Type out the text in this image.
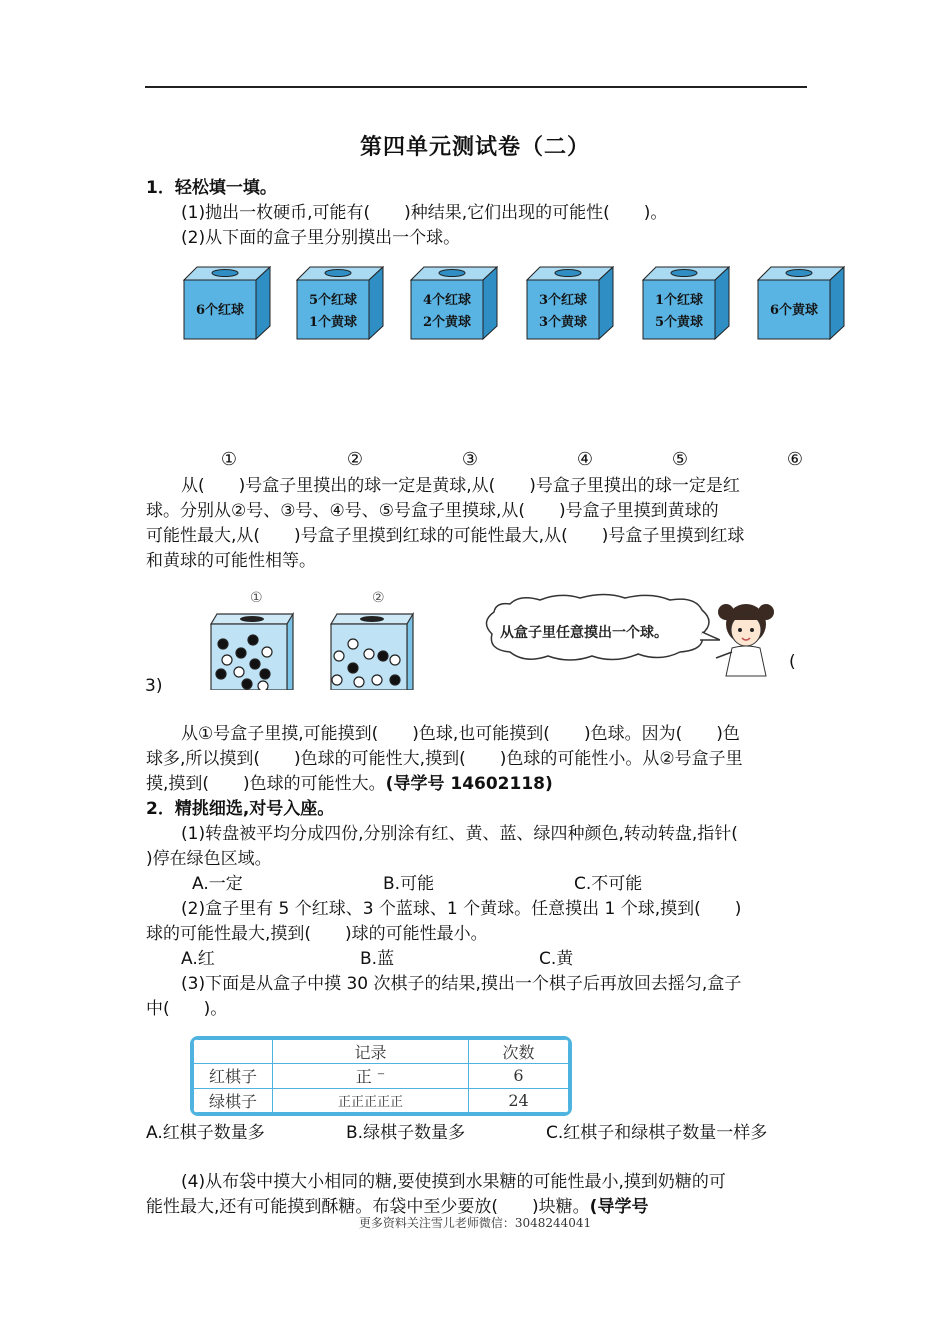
第四单元测试卷（二）
1．轻松填一填。
(1)抛出一枚硬币,可能有(　　)种结果,它们出现的可能性(　　)。
(2)从下面的盒子里分别摸出一个球。
6个红球
5个红球
1个黄球
4个红球
2个黄球
3个红球
3个黄球
1个红球
5个黄球
6个黄球
①	②	③	④	⑤	⑥
从(　　)号盒子里摸出的球一定是黄球,从(　　)号盒子里摸出的球一定是红
球。分别从②号、③号、④号、⑤号盒子里摸球,从(　　)号盒子里摸到黄球的
可能性最大,从(　　)号盒子里摸到红球的可能性最大,从(　　)号盒子里摸到红球
和黄球的可能性相等。
①	②
从盒子里任意摸出一个球。
3)
(
从①号盒子里摸,可能摸到(　　)色球,也可能摸到(　　)色球。因为(　　)色
球多,所以摸到(　　)色球的可能性大,摸到(　　)色球的可能性小。从②号盒子里
摸,摸到(　　)色球的可能性大。(导学号 14602118)
2．精挑细选,对号入座。
(1)转盘被平均分成四份,分别涂有红、黄、蓝、绿四种颜色,转动转盘,指针(
)停在绿色区域。
A.一定	B.可能	C.不可能
(2)盒子里有 5 个红球、3 个蓝球、1 个黄球。任意摸出 1 个球,摸到(　　)
球的可能性最大,摸到(　　)球的可能性最小。
A.红	B.蓝	C.黄
(3)下面是从盒子中摸 30 次棋子的结果,摸出一个棋子后再放回去摇匀,盒子
中(　　)。
	记录	次数
红棋子	正 ⁻	6
绿棋子	正正正正正	24
A.红棋子数量多	B.绿棋子数量多	C.红棋子和绿棋子数量一样多
(4)从布袋中摸大小相同的糖,要使摸到水果糖的可能性最小,摸到奶糖的可
能性最大,还有可能摸到酥糖。布袋中至少要放(　　)块糖。(导学号
更多资料关注雪儿老师微信：3048244041
